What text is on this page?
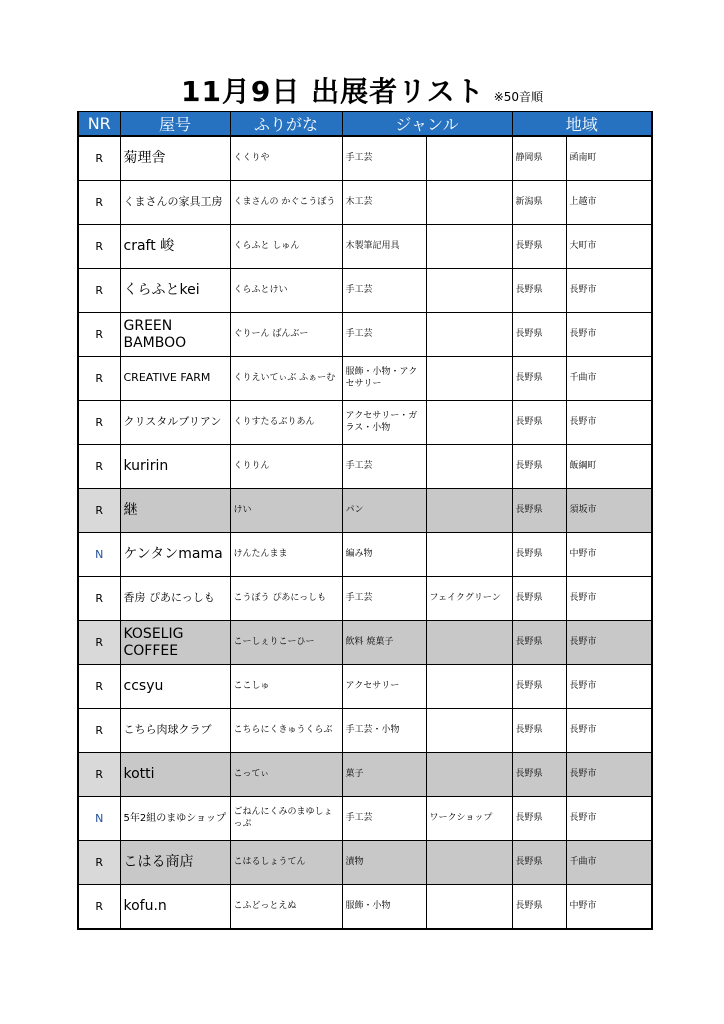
11月9日 出展者リスト ※50音順
NR	屋号	ふりがな	ジャンル		地域	
R	菊理舎	くくりや	手工芸		静岡県	函南町
R	くまさんの家具工房	くまさんの かぐこうぼう	木工芸		新潟県	上越市
R	craft 峻	くらふと しゅん	木製筆記用具		長野県	大町市
R	くらふとkei	くらふとけい	手工芸		長野県	長野市
R	GREEN BAMBOO	ぐりーん ばんぶー	手工芸		長野県	長野市
R	CREATIVE FARM	くりえいてぃぶ ふぁーむ	服飾・小物・アクセサリー		長野県	千曲市
R	クリスタルブリアン	くりすたるぶりあん	アクセサリー・ガラス・小物		長野県	長野市
R	kuririn	くりりん	手工芸		長野県	飯綱町
R	継	けい	パン		長野県	須坂市
N	ケンタンmama	けんたんまま	編み物		長野県	中野市
R	香房 ぴあにっしも	こうぼう ぴあにっしも	手工芸	フェイクグリーン	長野県	長野市
R	KOSELIG COFFEE	こーしぇりこーひー	飲料 焼菓子		長野県	長野市
R	ccsyu	ここしゅ	アクセサリー		長野県	長野市
R	こちら肉球クラブ	こちらにくきゅうくらぶ	手工芸・小物		長野県	長野市
R	kotti	こってぃ	菓子		長野県	長野市
N	5年2組のまゆショップ	ごねんにくみのまゆしょっぷ	手工芸	ワークショップ	長野県	長野市
R	こはる商店	こはるしょうてん	漬物		長野県	千曲市
R	kofu.n	こふどっとえぬ	服飾・小物		長野県	中野市
